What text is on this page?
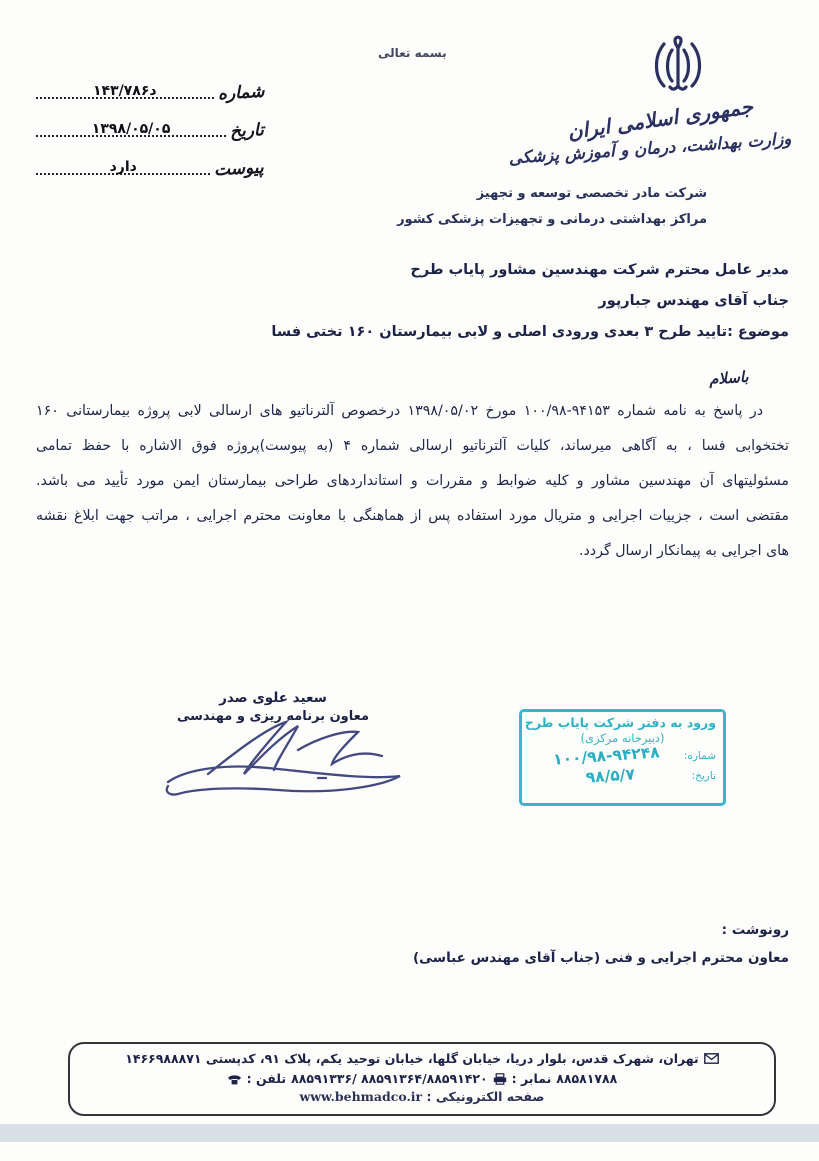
بسمه تعالی
جمهوری اسلامی ایران
وزارت بهداشت، درمان و آموزش پزشکی
شماره
د۱۴۳/۷۸۶
تاریخ
۱۳۹۸/۰۵/۰۵
پیوست
دارد
شرکت مادر تخصصی توسعه و تجهیز
مراکز بهداشتی درمانی و تجهیزات پزشکی کشور
مدیر عامل محترم شرکت مهندسین مشاور پایاب طرح
جناب آقای مهندس جبارپور
موضوع :تایید طرح ۳ بعدی ورودی اصلی و لابی بیمارستان ۱۶۰ تختی فسا
باسلام
در پاسخ به نامه شماره ۹۴۱۵۳-۱۰۰/۹۸ مورخ ۱۳۹۸/۰۵/۰۲ درخصوص آلترناتیو های ارسالی لابی پروژه بیمارستانی ۱۶۰
تختخوابی فسا ، به آگاهی میرساند، کلیات آلترناتیو ارسالی شماره ۴ (به پیوست)پروژه فوق الاشاره با حفظ تمامی
مسئولیتهای آن مهندسین مشاور و کلیه ضوابط و مقررات و استانداردهای طراحی بیمارستان ایمن مورد تأیید می باشد.
مقتضی است ، جزییات اجرایی و متریال مورد استفاده پس از هماهنگی با معاونت محترم اجرایی ، مراتب جهت ابلاغ نقشه
های اجرایی به پیمانکار ارسال گردد.
سعید علوی صدر
معاون برنامه ریزی و مهندسی	ورود به دفتر شرکت پایاب طرح
(دبیرخانه مرکزی)
شماره:
۱۰۰/۹۸-۹۴۲۴۸
تاریخ:
۹۸/۵/۷
رونوشت :
معاون محترم اجرایی و فنی (جناب آقای مهندس عباسی)
تهران، شهرک قدس، بلوار دریا، خیابان گلها، خیابان توحید یکم، پلاک ۹۱، کدپستی ۱۴۶۶۹۸۸۸۷۱
تلفن : ۸۸۵۹۱۳۳۶/ ۸۸۵۹۱۳۶۴/۸۸۵۹۱۴۲۰ نمابر : ۸۸۵۸۱۷۸۸
صفحه الکترونیکی : www.behmadco.ir
